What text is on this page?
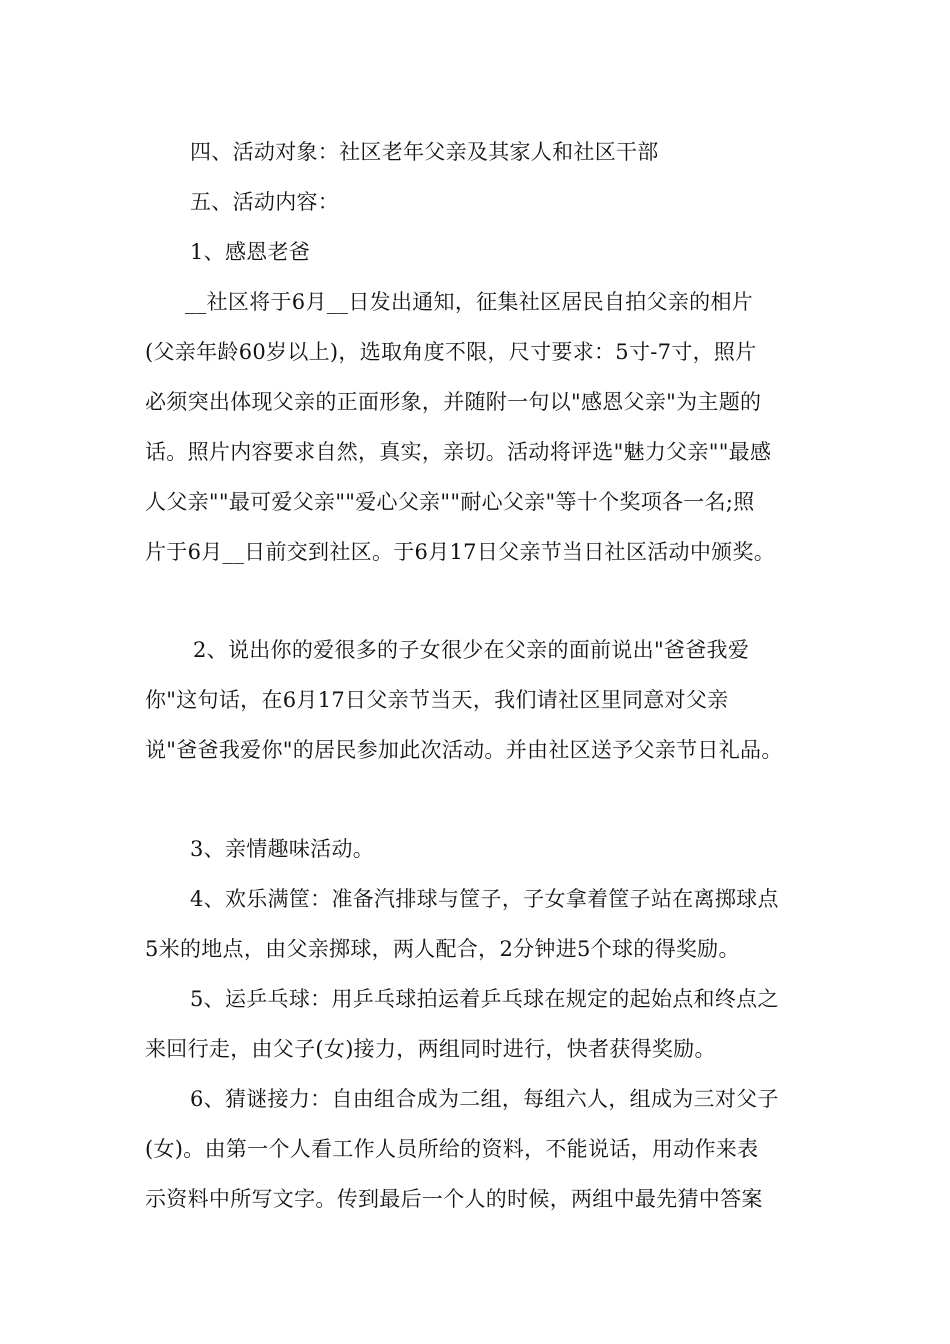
四、活动对象：社区老年父亲及其家人和社区干部
五、活动内容：
1、感恩老爸
__社区将于6月__日发出通知，征集社区居民自拍父亲的相片
(父亲年龄60岁以上)，选取角度不限，尺寸要求：5寸-7寸，照片
必须突出体现父亲的正面形象，并随附一句以"感恩父亲"为主题的
话。照片内容要求自然，真实，亲切。活动将评选"魅力父亲""最感
人父亲""最可爱父亲""爱心父亲""耐心父亲"等十个奖项各一名;照
片于6月__日前交到社区。于6月17日父亲节当日社区活动中颁奖。
2、说出你的爱很多的子女很少在父亲的面前说出"爸爸我爱
你"这句话，在6月17日父亲节当天，我们请社区里同意对父亲
说"爸爸我爱你"的居民参加此次活动。并由社区送予父亲节日礼品。
3、亲情趣味活动。
4、欢乐满筐：准备汽排球与筐子，子女拿着筐子站在离掷球点
5米的地点，由父亲掷球，两人配合，2分钟进5个球的得奖励。
5、运乒乓球：用乒乓球拍运着乒乓球在规定的起始点和终点之
来回行走，由父子(女)接力，两组同时进行，快者获得奖励。
6、猜谜接力：自由组合成为二组，每组六人，组成为三对父子
(女)。由第一个人看工作人员所给的资料，不能说话，用动作来表
示资料中所写文字。传到最后一个人的时候，两组中最先猜中答案
